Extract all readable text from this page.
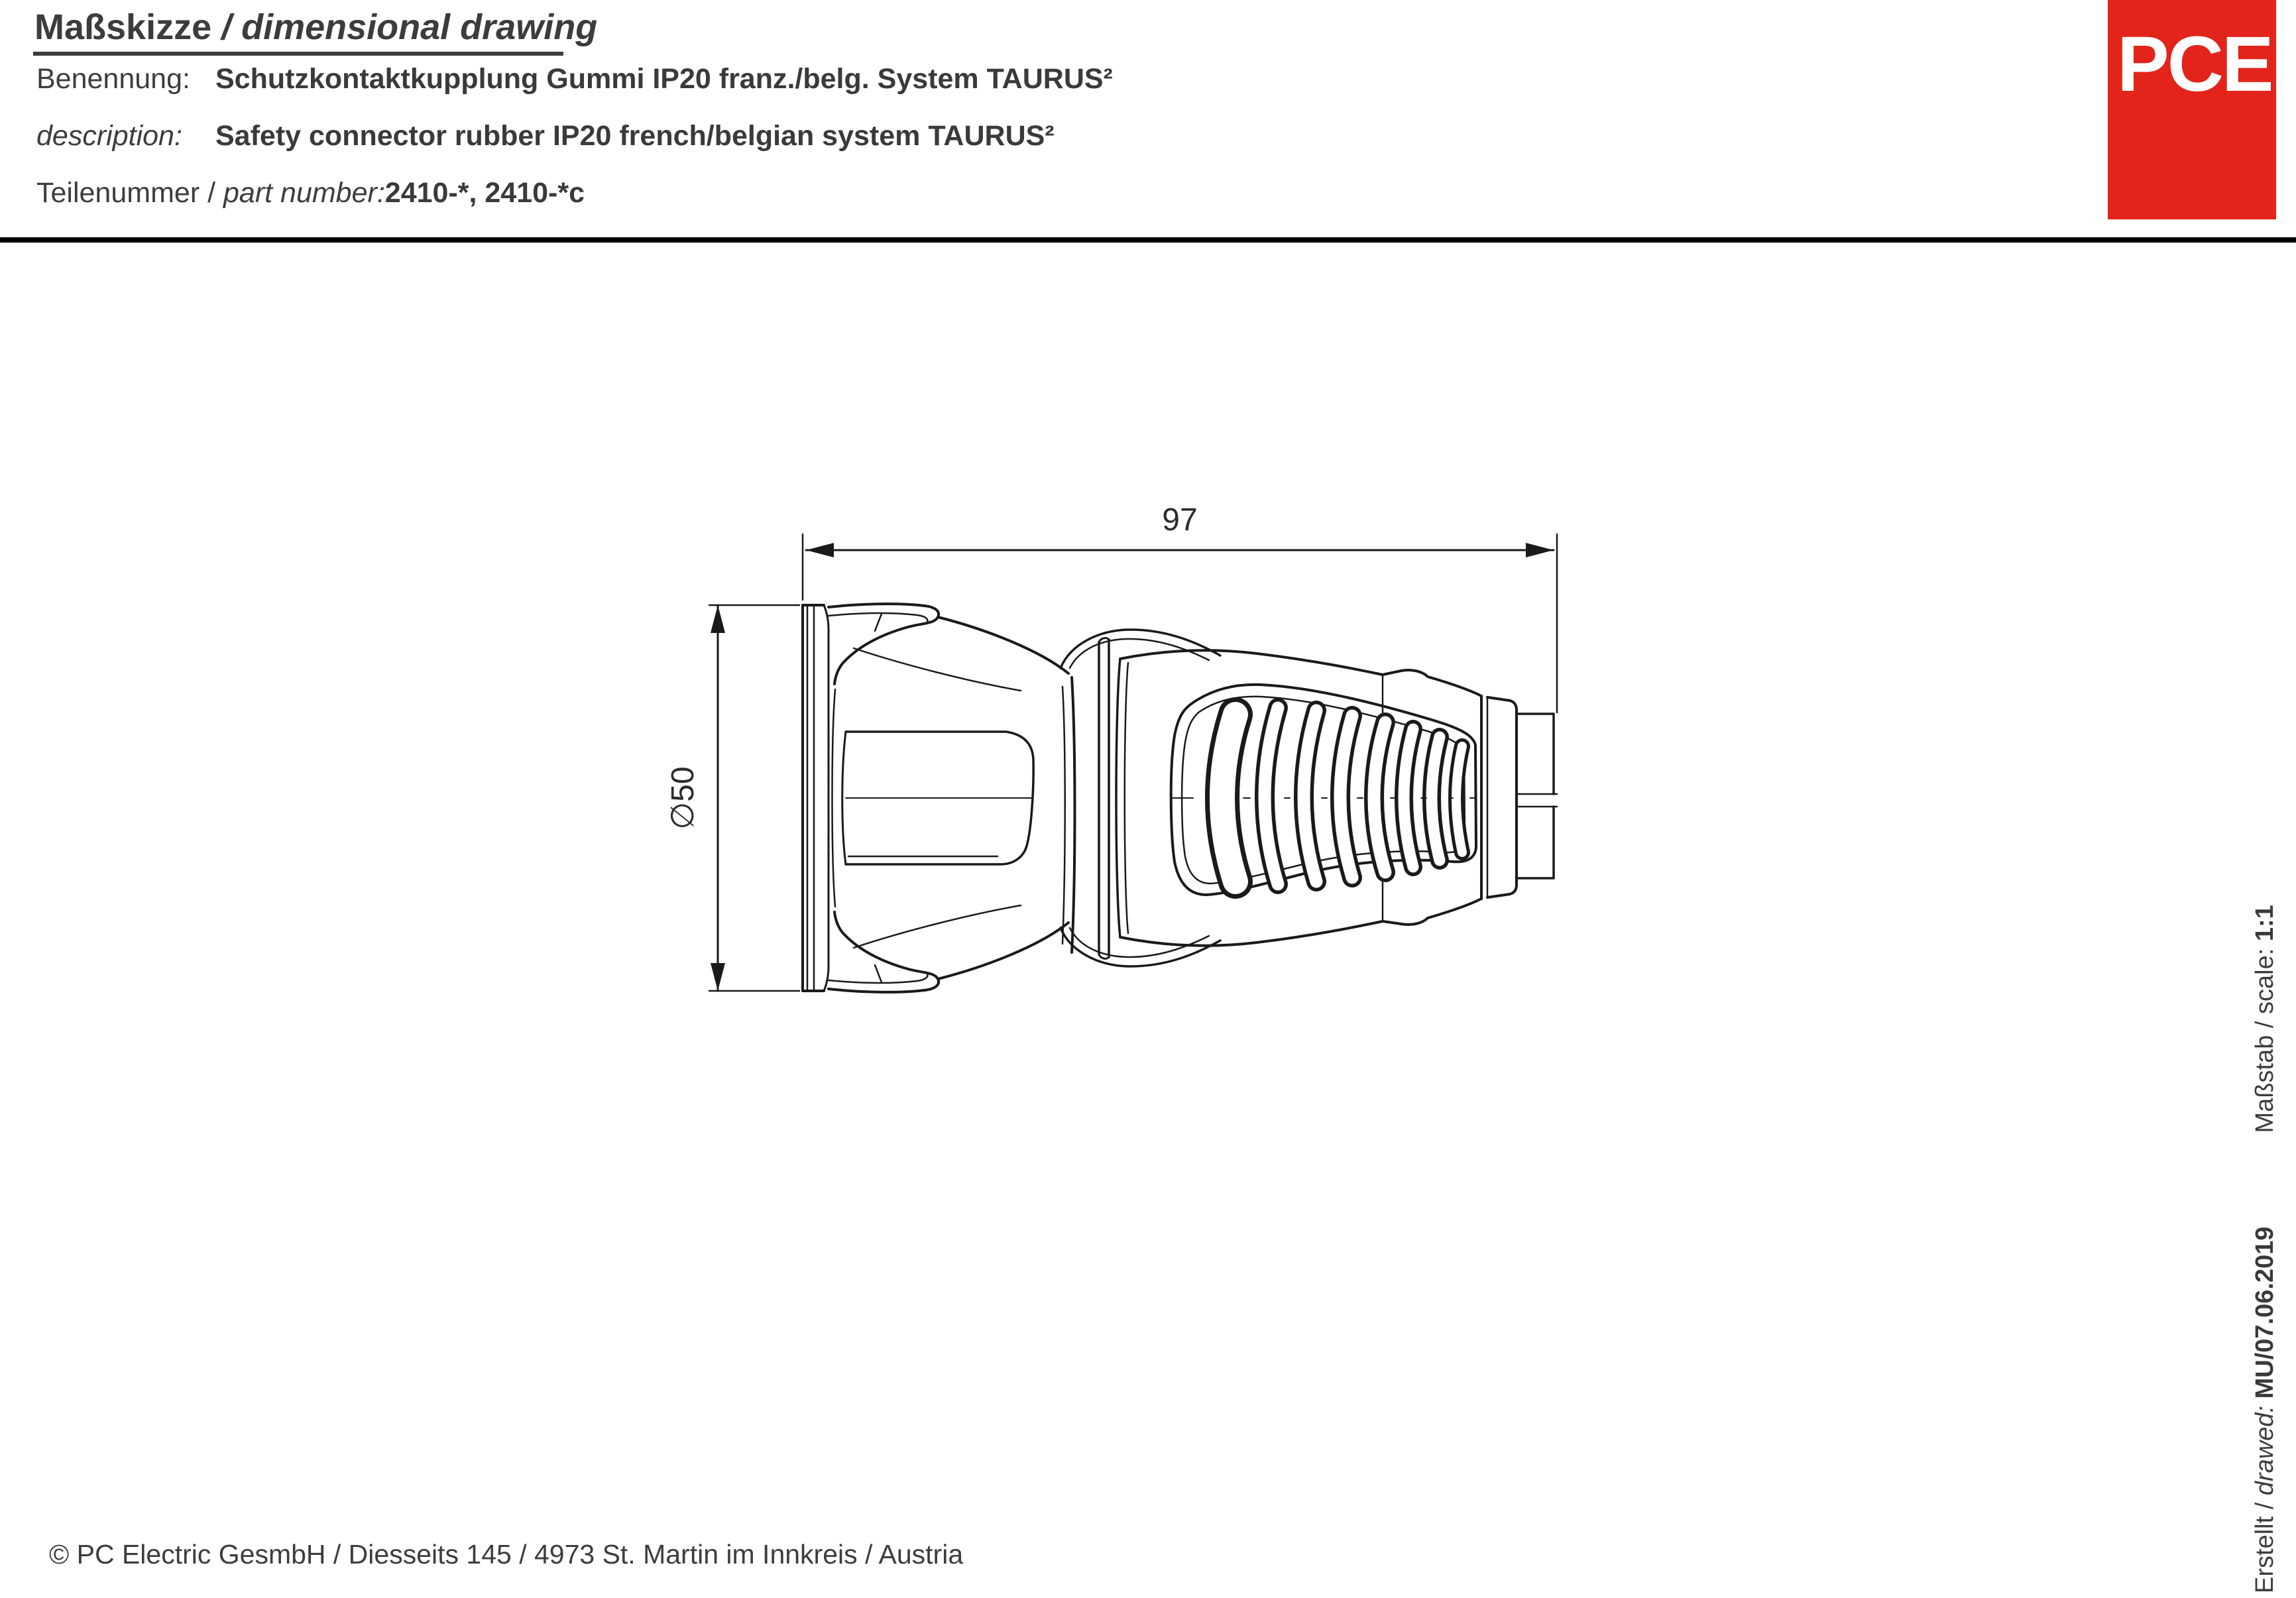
Maßskizze / dimensional drawing
Benennung: Schutzkontaktkupplung Gummi IP20 franz./belg. System TAURUS²
description: Safety connector rubber IP20 french/belgian system TAURUS²
Teilenummer / part number:2410-*, 2410-*c
PCE
97
∅50
© PC Electric GesmbH / Diesseits 145 / 4973 St. Martin im Innkreis / Austria	Erstellt / drawed: MU/07.06.2019  Maßstab / scale: 1:1
